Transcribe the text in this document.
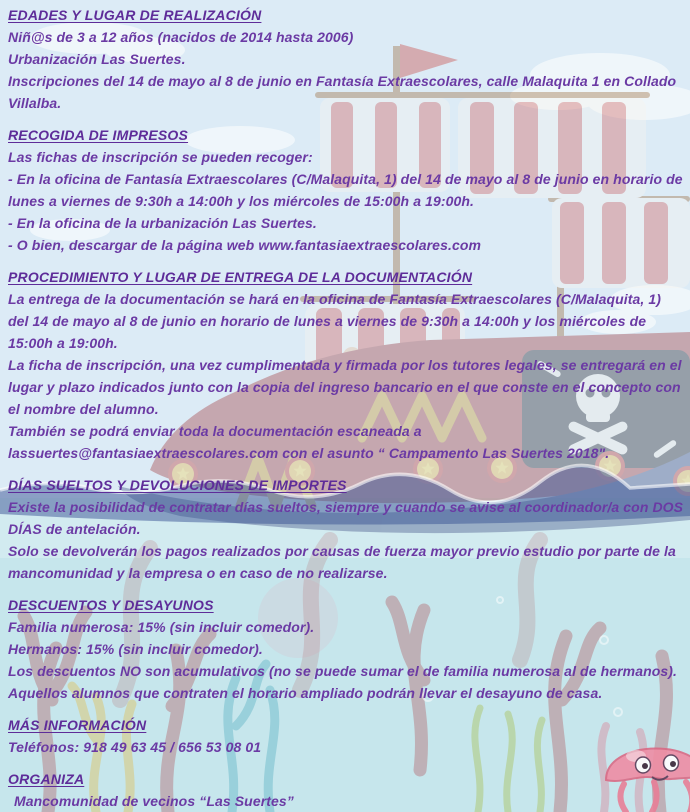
EDADES Y LUGAR DE REALIZACIÓN

Niñ@s de 3 a 12 años (nacidos de 2014 hasta 2006)

Urbanización Las Suertes.

Inscripciones del 14 de mayo al 8 de junio en Fantasía Extraescolares, calle Malaquita 1 en Collado Villalba.

RECOGIDA DE IMPRESOS

Las fichas de inscripción se pueden recoger:

- En la oficina de Fantasía Extraescolares (C/Malaquita, 1) del 14 de mayo al 8 de junio en horario de lunes a viernes de 9:30h a 14:00h y los miércoles de 15:00h a 19:00h.

- En la oficina de la urbanización Las Suertes.

- O bien, descargar de la página web www.fantasiaextraescolares.com

PROCEDIMIENTO Y LUGAR DE ENTREGA DE LA DOCUMENTACIÓN

La entrega de la documentación se hará en la oficina de Fantasía Extraescolares (C/Malaquita, 1) del 14 de mayo al 8 de junio en horario de lunes a viernes de 9:30h a 14:00h y los miércoles de 15:00h a 19:00h.

La ficha de inscripción, una vez cumplimentada y firmada por los tutores legales, se entregará en el lugar y plazo indicados junto con la copia del ingreso bancario en el que conste en el concepto con el nombre del alumno.

También se podrá enviar toda la documentación escaneada a

lassuertes@fantasiaextraescolares.com con el asunto “ Campamento Las Suertes 2018".

DÍAS SUELTOS Y DEVOLUCIONES DE IMPORTES

Existe la posibilidad de contratar días sueltos, siempre y cuando se avise al coordinador/a con DOS DÍAS de antelación.

Solo se devolverán los pagos realizados por causas de fuerza mayor previo estudio por parte de la mancomunidad y la empresa o en caso de no realizarse.

DESCUENTOS Y DESAYUNOS

Familia numerosa: 15% (sin incluir comedor).

Hermanos: 15% (sin incluir comedor).

Los descuentos NO son acumulativos (no se puede sumar el de familia numerosa al de hermanos).

Aquellos alumnos que contraten el horario ampliado podrán llevar el desayuno de casa.

MÁS INFORMACIÓN

Teléfonos: 918 49 63 45 / 656 53 08 01

ORGANIZA

Mancomunidad de vecinos “Las Suertes”
